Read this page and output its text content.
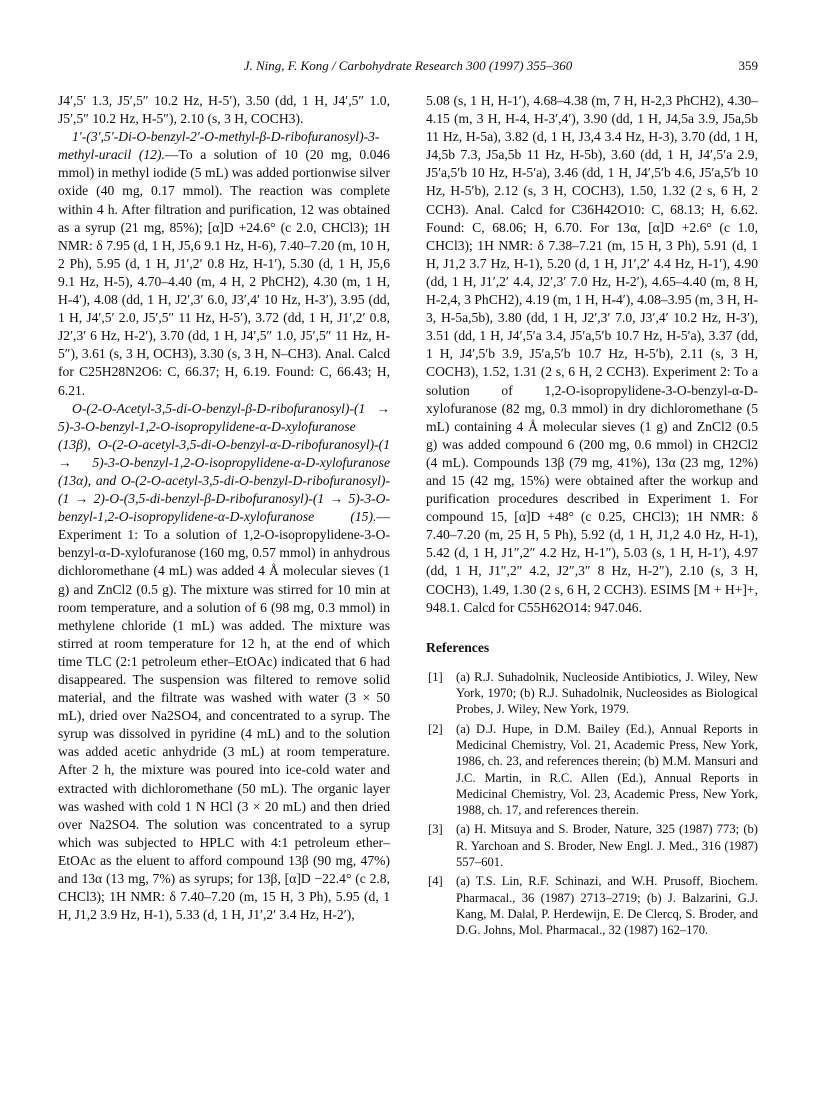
J. Ning, F. Kong / Carbohydrate Research 300 (1997) 355–360	359

J4′,5′ 1.3, J5′,5″ 10.2 Hz, H-5′), 3.50 (dd, 1 H, J4′,5″ 1.0, J5′,5″ 10.2 Hz, H-5″), 2.10 (s, 3 H, COCH3).

1′-(3′,5′-Di-O-benzyl-2′-O-methyl-β-D-ribofuranosyl)-3-methyl-uracil (12).—To a solution of 10 (20 mg, 0.046 mmol) in methyl iodide (5 mL) was added portionwise silver oxide (40 mg, 0.17 mmol). The reaction was complete within 4 h. After filtration and purification, 12 was obtained as a syrup (21 mg, 85%); [α]D +24.6° (c 2.0, CHCl3); 1H NMR: δ 7.95 (d, 1 H, J5,6 9.1 Hz, H-6), 7.40–7.20 (m, 10 H, 2 Ph), 5.95 (d, 1 H, J1′,2′ 0.8 Hz, H-1′), 5.30 (d, 1 H, J5,6 9.1 Hz, H-5), 4.70–4.40 (m, 4 H, 2 PhCH2), 4.30 (m, 1 H, H-4′), 4.08 (dd, 1 H, J2′,3′ 6.0, J3′,4′ 10 Hz, H-3′), 3.95 (dd, 1 H, J4′,5′ 2.0, J5′,5″ 11 Hz, H-5′), 3.72 (dd, 1 H, J1′,2′ 0.8, J2′,3′ 6 Hz, H-2′), 3.70 (dd, 1 H, J4′,5″ 1.0, J5′,5″ 11 Hz, H-5″), 3.61 (s, 3 H, OCH3), 3.30 (s, 3 H, N–CH3). Anal. Calcd for C25H28N2O6: C, 66.37; H, 6.19. Found: C, 66.43; H, 6.21.

O-(2-O-Acetyl-3,5-di-O-benzyl-β-D-ribofuranosyl)-(1 → 5)-3-O-benzyl-1,2-O-isopropylidene-α-D-xylofuranose (13β), O-(2-O-acetyl-3,5-di-O-benzyl-α-D-ribofuranosyl)-(1 → 5)-3-O-benzyl-1,2-O-isopropylidene-α-D-xylofuranose (13α), and O-(2-O-acetyl-3,5-di-O-benzyl-D-ribofuranosyl)-(1 → 2)-O-(3,5-di-benzyl-β-D-ribofuranosyl)-(1 → 5)-3-O-benzyl-1,2-O-isopropylidene-α-D-xylofuranose (15).—Experiment 1: To a solution of 1,2-O-isopropylidene-3-O-benzyl-α-D-xylofuranose (160 mg, 0.57 mmol) in anhydrous dichloromethane (4 mL) was added 4 Å molecular sieves (1 g) and ZnCl2 (0.5 g). The mixture was stirred for 10 min at room temperature, and a solution of 6 (98 mg, 0.3 mmol) in methylene chloride (1 mL) was added. The mixture was stirred at room temperature for 12 h, at the end of which time TLC (2:1 petroleum ether–EtOAc) indicated that 6 had disappeared. The suspension was filtered to remove solid material, and the filtrate was washed with water (3 × 50 mL), dried over Na2SO4, and concentrated to a syrup. The syrup was dissolved in pyridine (4 mL) and to the solution was added acetic anhydride (3 mL) at room temperature. After 2 h, the mixture was poured into ice-cold water and extracted with dichloromethane (50 mL). The organic layer was washed with cold 1 N HCl (3 × 20 mL) and then dried over Na2SO4. The solution was concentrated to a syrup which was subjected to HPLC with 4:1 petroleum ether–EtOAc as the eluent to afford compound 13β (90 mg, 47%) and 13α (13 mg, 7%) as syrups; for 13β, [α]D −22.4° (c 2.8, CHCl3); 1H NMR: δ 7.40–7.20 (m, 15 H, 3 Ph), 5.95 (d, 1 H, J1,2 3.9 Hz, H-1), 5.33 (d, 1 H, J1′,2′ 3.4 Hz, H-2′),

5.08 (s, 1 H, H-1′), 4.68–4.38 (m, 7 H, H-2,3 PhCH2), 4.30–4.15 (m, 3 H, H-4, H-3′,4′), 3.90 (dd, 1 H, J4,5a 3.9, J5a,5b 11 Hz, H-5a), 3.82 (d, 1 H, J3,4 3.4 Hz, H-3), 3.70 (dd, 1 H, J4,5b 7.3, J5a,5b 11 Hz, H-5b), 3.60 (dd, 1 H, J4′,5′a 2.9, J5′a,5′b 10 Hz, H-5′a), 3.46 (dd, 1 H, J4′,5′b 4.6, J5′a,5′b 10 Hz, H-5′b), 2.12 (s, 3 H, COCH3), 1.50, 1.32 (2 s, 6 H, 2 CCH3). Anal. Calcd for C36H42O10: C, 68.13; H, 6.62. Found: C, 68.06; H, 6.70. For 13α, [α]D +2.6° (c 1.0, CHCl3); 1H NMR: δ 7.38–7.21 (m, 15 H, 3 Ph), 5.91 (d, 1 H, J1,2 3.7 Hz, H-1), 5.20 (d, 1 H, J1′,2′ 4.4 Hz, H-1′), 4.90 (dd, 1 H, J1′,2′ 4.4, J2′,3′ 7.0 Hz, H-2′), 4.65–4.40 (m, 8 H, H-2,4, 3 PhCH2), 4.19 (m, 1 H, H-4′), 4.08–3.95 (m, 3 H, H-3, H-5a,5b), 3.80 (dd, 1 H, J2′,3′ 7.0, J3′,4′ 10.2 Hz, H-3′), 3.51 (dd, 1 H, J4′,5′a 3.4, J5′a,5′b 10.7 Hz, H-5′a), 3.37 (dd, 1 H, J4′,5′b 3.9, J5′a,5′b 10.7 Hz, H-5′b), 2.11 (s, 3 H, COCH3), 1.52, 1.31 (2 s, 6 H, 2 CCH3). Experiment 2: To a solution of 1,2-O-isopropylidene-3-O-benzyl-α-D-xylofuranose (82 mg, 0.3 mmol) in dry dichloromethane (5 mL) containing 4 Å molecular sieves (1 g) and ZnCl2 (0.5 g) was added compound 6 (200 mg, 0.6 mmol) in CH2Cl2 (4 mL). Compounds 13β (79 mg, 41%), 13α (23 mg, 12%) and 15 (42 mg, 15%) were obtained after the workup and purification procedures described in Experiment 1. For compound 15, [α]D +48° (c 0.25, CHCl3); 1H NMR: δ 7.40–7.20 (m, 25 H, 5 Ph), 5.92 (d, 1 H, J1,2 4.0 Hz, H-1), 5.42 (d, 1 H, J1″,2″ 4.2 Hz, H-1″), 5.03 (s, 1 H, H-1′), 4.97 (dd, 1 H, J1″,2″ 4.2, J2″,3″ 8 Hz, H-2″), 2.10 (s, 3 H, COCH3), 1.49, 1.30 (2 s, 6 H, 2 CCH3). ESIMS [M + H+]+, 948.1. Calcd for C55H62O14: 947.046.

References
[1] (a) R.J. Suhadolnik, Nucleoside Antibiotics, J. Wiley, New York, 1970; (b) R.J. Suhadolnik, Nucleosides as Biological Probes, J. Wiley, New York, 1979.
[2] (a) D.J. Hupe, in D.M. Bailey (Ed.), Annual Reports in Medicinal Chemistry, Vol. 21, Academic Press, New York, 1986, ch. 23, and references therein; (b) M.M. Mansuri and J.C. Martin, in R.C. Allen (Ed.), Annual Reports in Medicinal Chemistry, Vol. 23, Academic Press, New York, 1988, ch. 17, and references therein.
[3] (a) H. Mitsuya and S. Broder, Nature, 325 (1987) 773; (b) R. Yarchoan and S. Broder, New Engl. J. Med., 316 (1987) 557–601.
[4] (a) T.S. Lin, R.F. Schinazi, and W.H. Prusoff, Biochem. Pharmacal., 36 (1987) 2713–2719; (b) J. Balzarini, G.J. Kang, M. Dalal, P. Herdewijn, E. De Clercq, S. Broder, and D.G. Johns, Mol. Pharmacal., 32 (1987) 162–170.
